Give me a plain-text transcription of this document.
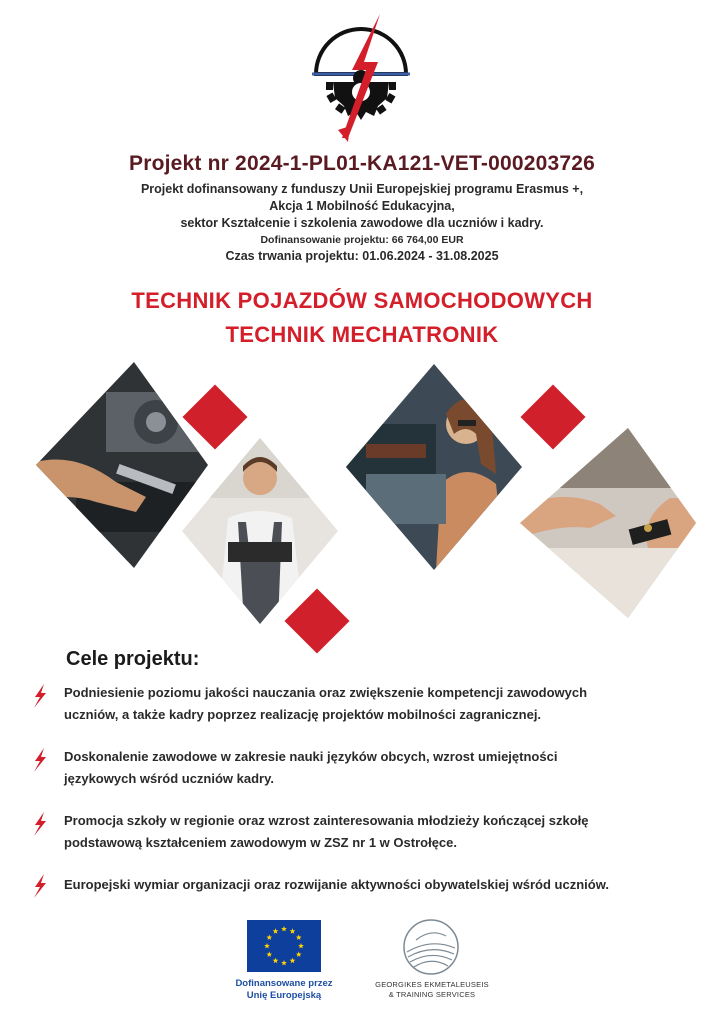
Projekt nr 2024-1-PL01-KA121-VET-000203726
Projekt dofinansowany z funduszy Unii Europejskiej programu Erasmus +,
Akcja 1 Mobilność Edukacyjna,
sektor Kształcenie i szkolenia zawodowe dla uczniów i kadry.
Dofinansowanie projektu: 66 764,00 EUR
Czas trwania projektu: 01.06.2024 - 31.08.2025
TECHNIK POJAZDÓW SAMOCHODOWYCH
TECHNIK MECHATRONIK
Cele projektu:
Podniesienie poziomu jakości nauczania oraz zwiększenie kompetencji zawodowych
uczniów, a także kadry poprzez realizację projektów mobilności zagranicznej.
Doskonalenie zawodowe w zakresie nauki języków obcych, wzrost umiejętności
językowych wśród uczniów kadry.
Promocja szkoły w regionie oraz wzrost zainteresowania młodzieży kończącej szkołę
podstawową kształceniem zawodowym w ZSZ nr 1 w Ostrołęce.
Europejski wymiar organizacji oraz rozwijanie aktywności obywatelskiej wśród uczniów.
Dofinansowane przez
Unię Europejską
GEORGIKES EKMETALEUSEIS
& TRAINING SERVICES
